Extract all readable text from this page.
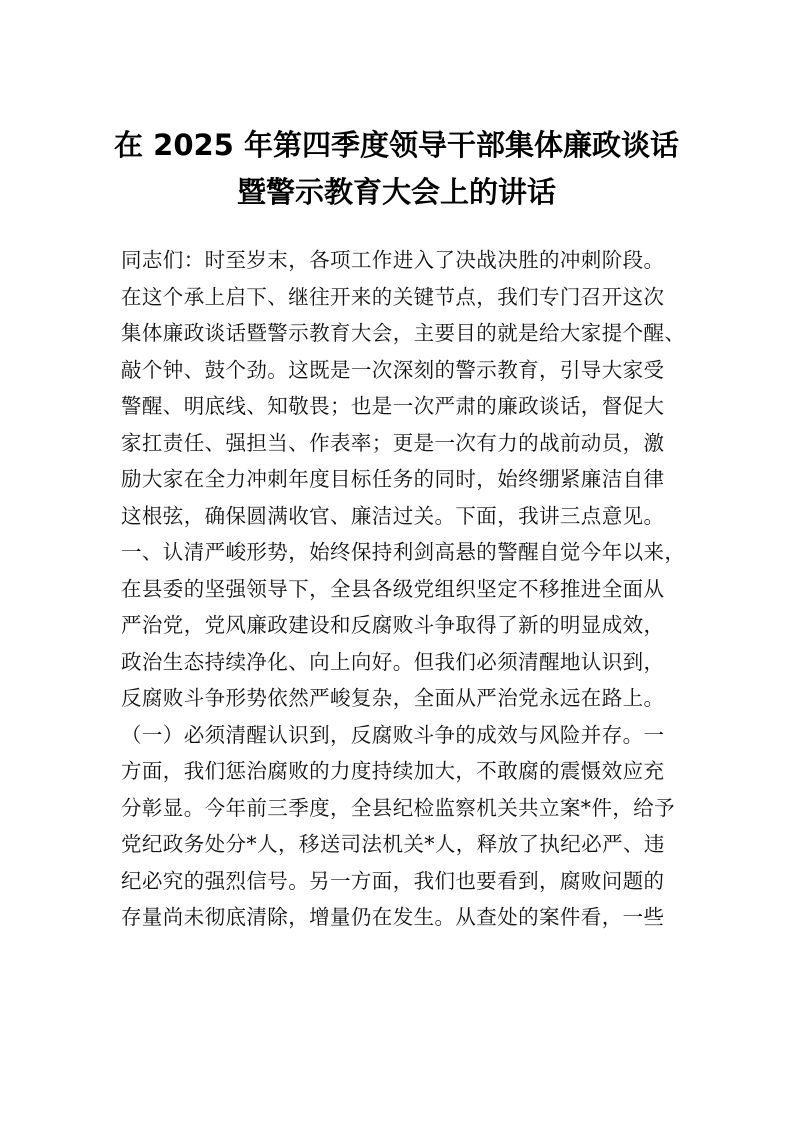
在 2025 年第四季度领导干部集体廉政谈话
暨警示教育大会上的讲话
同志们：时至岁末，各项工作进入了决战决胜的冲刺阶段。
在这个承上启下、继往开来的关键节点，我们专门召开这次
集体廉政谈话暨警示教育大会，主要目的就是给大家提个醒、
敲个钟、鼓个劲。这既是一次深刻的警示教育，引导大家受
警醒、明底线、知敬畏；也是一次严肃的廉政谈话，督促大
家扛责任、强担当、作表率；更是一次有力的战前动员，激
励大家在全力冲刺年度目标任务的同时，始终绷紧廉洁自律
这根弦，确保圆满收官、廉洁过关。下面，我讲三点意见。
一、认清严峻形势，始终保持利剑高悬的警醒自觉今年以来，
在县委的坚强领导下，全县各级党组织坚定不移推进全面从
严治党，党风廉政建设和反腐败斗争取得了新的明显成效，
政治生态持续净化、向上向好。但我们必须清醒地认识到，
反腐败斗争形势依然严峻复杂，全面从严治党永远在路上。
（一）必须清醒认识到，反腐败斗争的成效与风险并存。一
方面，我们惩治腐败的力度持续加大，不敢腐的震慑效应充
分彰显。今年前三季度，全县纪检监察机关共立案*件，给予
党纪政务处分*人，移送司法机关*人，释放了执纪必严、违
纪必究的强烈信号。另一方面，我们也要看到，腐败问题的
存量尚未彻底清除，增量仍在发生。从查处的案件看，一些
